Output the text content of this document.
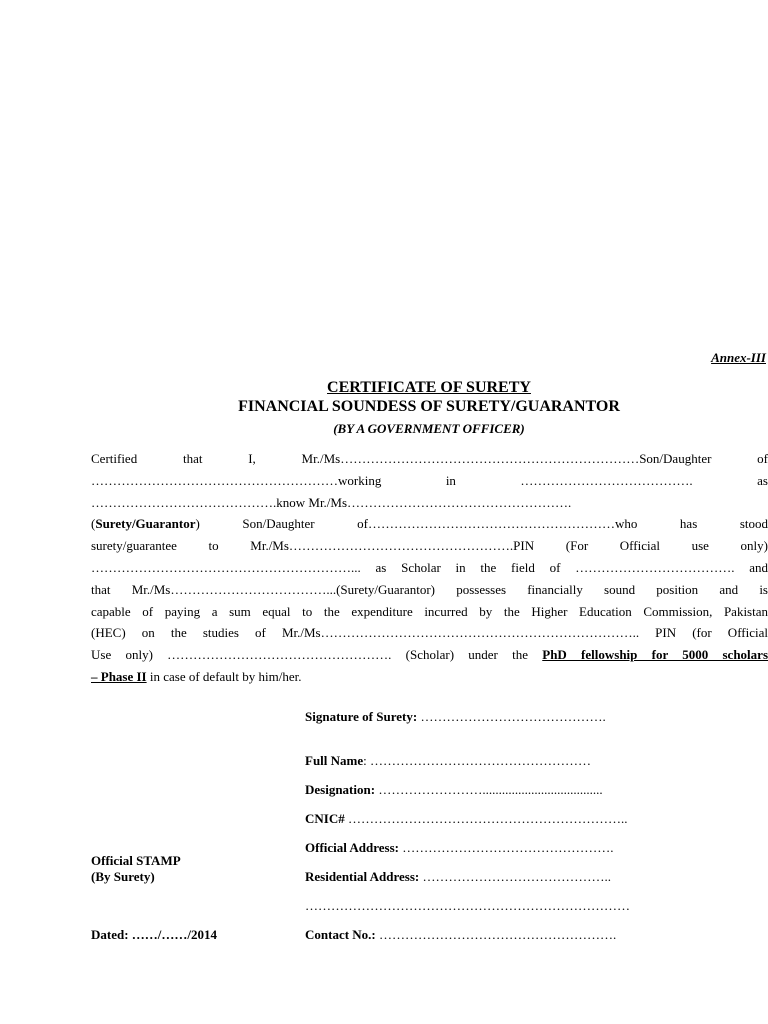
Annex-III
CERTIFICATE OF SURETY
FINANCIAL SOUNDESS OF SURETY/GUARANTOR
(BY A GOVERNMENT OFFICER)
Certified that I, Mr./Ms……………………………………………………………Son/Daughter of
…………………………………………………working in …………………………………. as
…………………………………….know Mr./Ms…………………………………………….
(Surety/Guarantor) Son/Daughter of…………………………………………………who has stood
surety/guarantee to Mr./Ms…………………………………………….PIN (For Official use only)
……………………………………………………... as Scholar in the field of ………………………………. and
that Mr./Ms………………………………...(Surety/Guarantor) possesses financially sound position and is
capable of paying a sum equal to the expenditure incurred by the Higher Education Commission, Pakistan
(HEC) on the studies of Mr./Ms……………………………………………………………….. PIN (for Official
Use only) ……………………………………………. (Scholar) under the PhD fellowship for 5000 scholars
– Phase II in case of default by him/her.
Signature of Surety: …………………………………….
Full Name: ……………………………………………
Designation: …………………….....................................
CNIC# ………………………………………………………..
Official Address: ………………………………………….
Residential Address: ……………………………………..
…………………………………………………………………
Contact No.: ……………………………………………….
Official STAMP
(By Surety)
Dated: ……/……/2014
